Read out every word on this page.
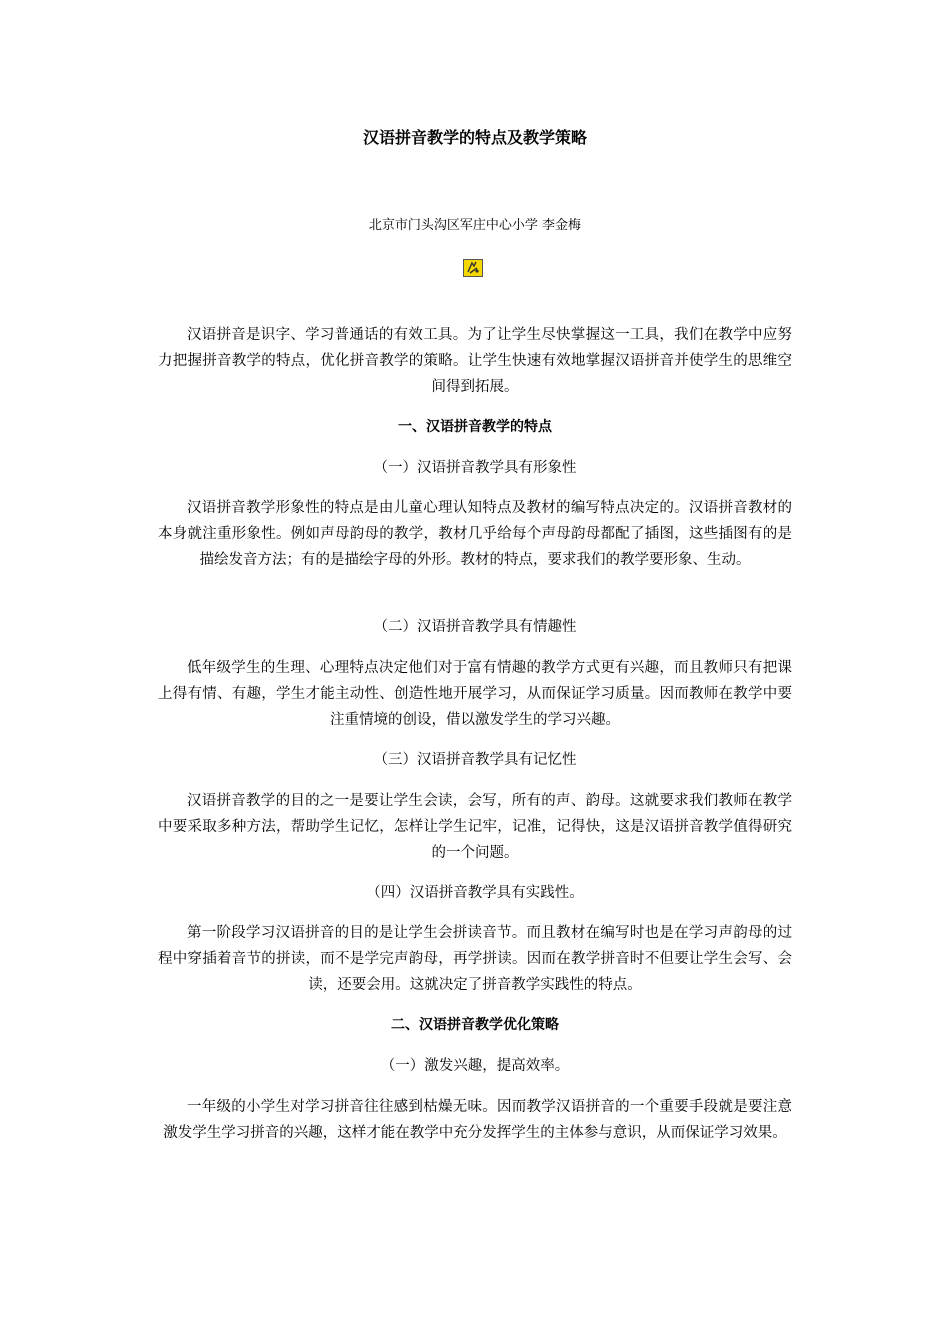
汉语拼音教学的特点及教学策略
北京市门头沟区军庄中心小学 李金梅
汉语拼音是识字、学习普通话的有效工具。为了让学生尽快掌握这一工具，我们在教学中应努力把握拼音教学的特点，优化拼音教学的策略。让学生快速有效地掌握汉语拼音并使学生的思维空间得到拓展。
一、汉语拼音教学的特点
（一）汉语拼音教学具有形象性
汉语拼音教学形象性的特点是由儿童心理认知特点及教材的编写特点决定的。汉语拼音教材的本身就注重形象性。例如声母韵母的教学，教材几乎给每个声母韵母都配了插图，这些插图有的是描绘发音方法；有的是描绘字母的外形。教材的特点，要求我们的教学要形象、生动。
（二）汉语拼音教学具有情趣性
低年级学生的生理、心理特点决定他们对于富有情趣的教学方式更有兴趣，而且教师只有把课上得有情、有趣，学生才能主动性、创造性地开展学习，从而保证学习质量。因而教师在教学中要注重情境的创设，借以激发学生的学习兴趣。
（三）汉语拼音教学具有记忆性
汉语拼音教学的目的之一是要让学生会读，会写，所有的声、韵母。这就要求我们教师在教学中要采取多种方法，帮助学生记忆，怎样让学生记牢，记准，记得快，这是汉语拼音教学值得研究的一个问题。
（四）汉语拼音教学具有实践性。
第一阶段学习汉语拼音的目的是让学生会拼读音节。而且教材在编写时也是在学习声韵母的过程中穿插着音节的拼读，而不是学完声韵母，再学拼读。因而在教学拼音时不但要让学生会写、会读，还要会用。这就决定了拼音教学实践性的特点。
二、汉语拼音教学优化策略
（一）激发兴趣，提高效率。
一年级的小学生对学习拼音往往感到枯燥无味。因而教学汉语拼音的一个重要手段就是要注意激发学生学习拼音的兴趣，这样才能在教学中充分发挥学生的主体参与意识，从而保证学习效果。
